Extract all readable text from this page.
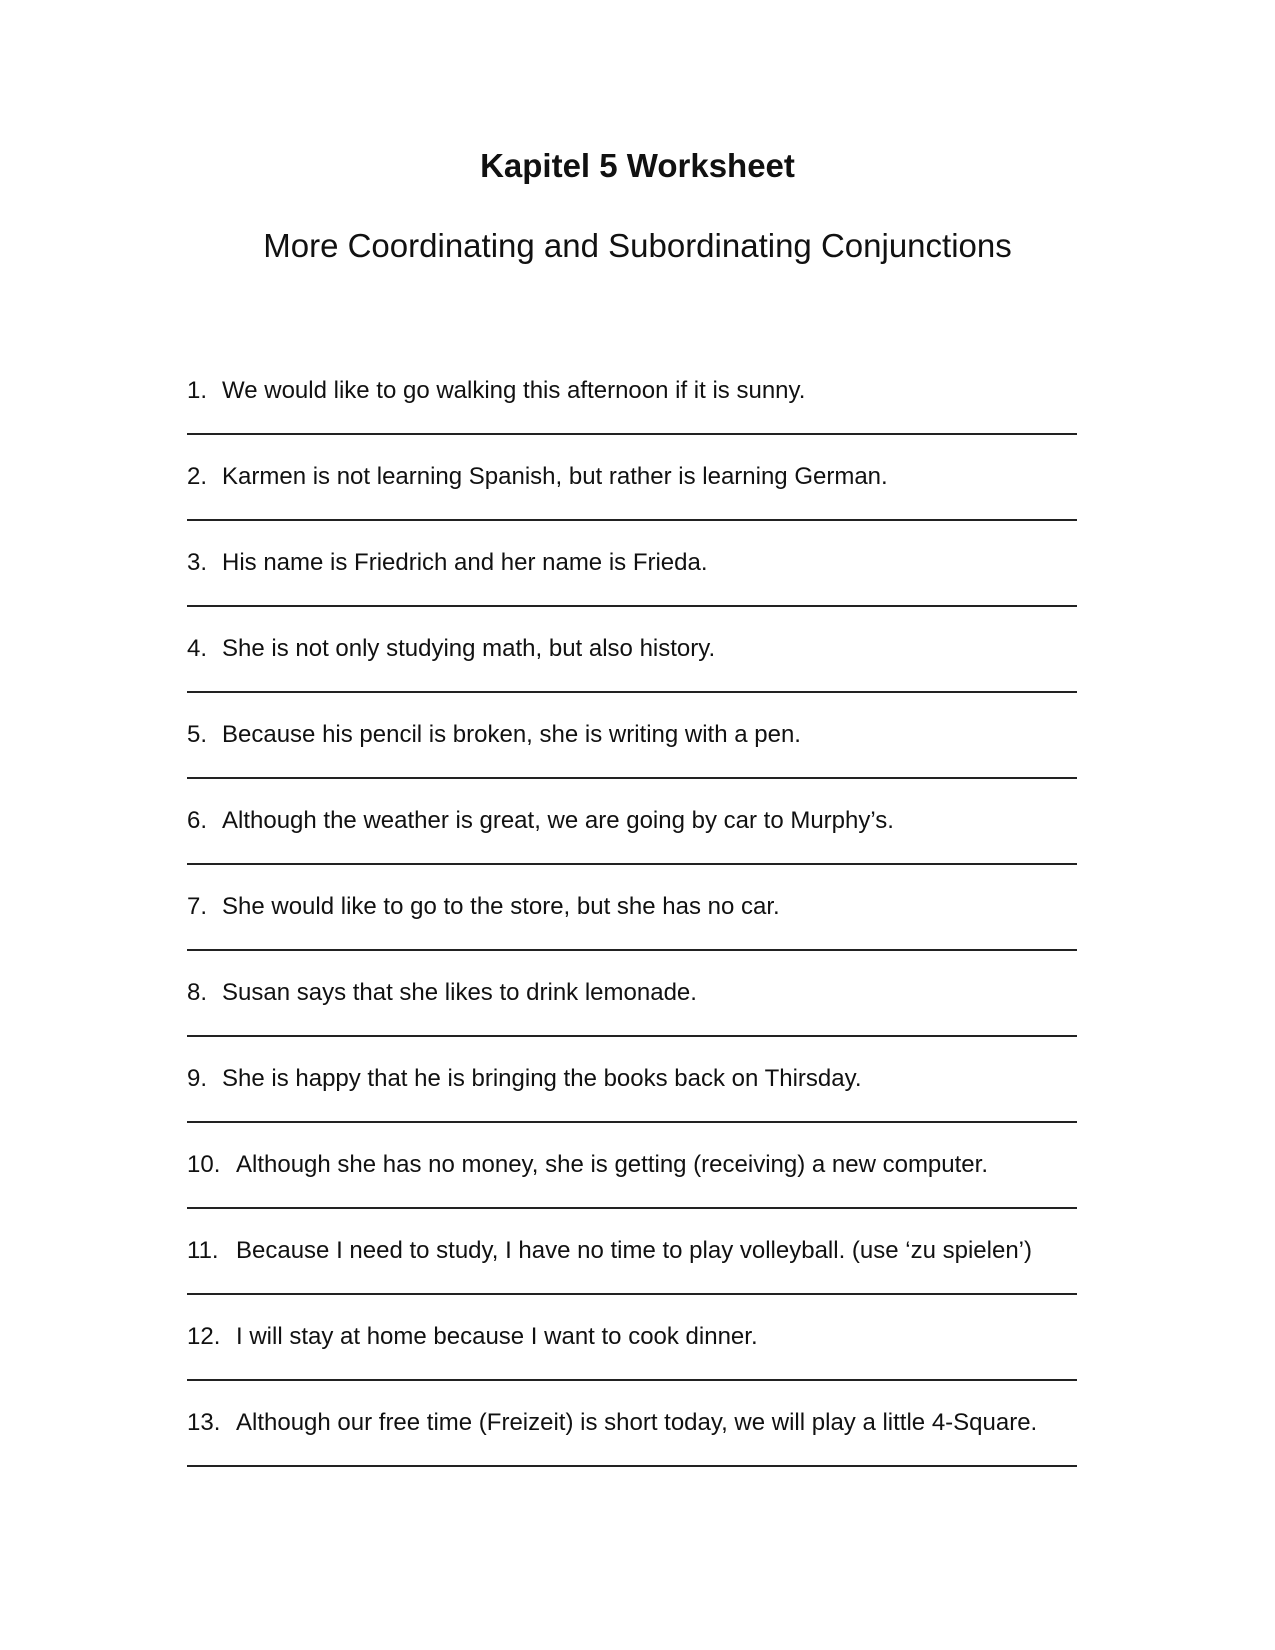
Kapitel 5 Worksheet
More Coordinating and Subordinating Conjunctions
1. We would like to go walking this afternoon if it is sunny.
2. Karmen is not learning Spanish, but rather is learning German.
3. His name is Friedrich and her name is Frieda.
4. She is not only studying math, but also history.
5. Because his pencil is broken, she is writing with a pen.
6. Although the weather is great, we are going by car to Murphy’s.
7. She would like to go to the store, but she has no car.
8. Susan says that she likes to drink lemonade.
9. She is happy that he is bringing the books back on Thirsday.
10. Although she has no money, she is getting (receiving) a new computer.
11. Because I need to study, I have no time to play volleyball. (use ‘zu spielen’)
12. I will stay at home because I want to cook dinner.
13. Although our free time (Freizeit) is short today, we will play a little 4-Square.
